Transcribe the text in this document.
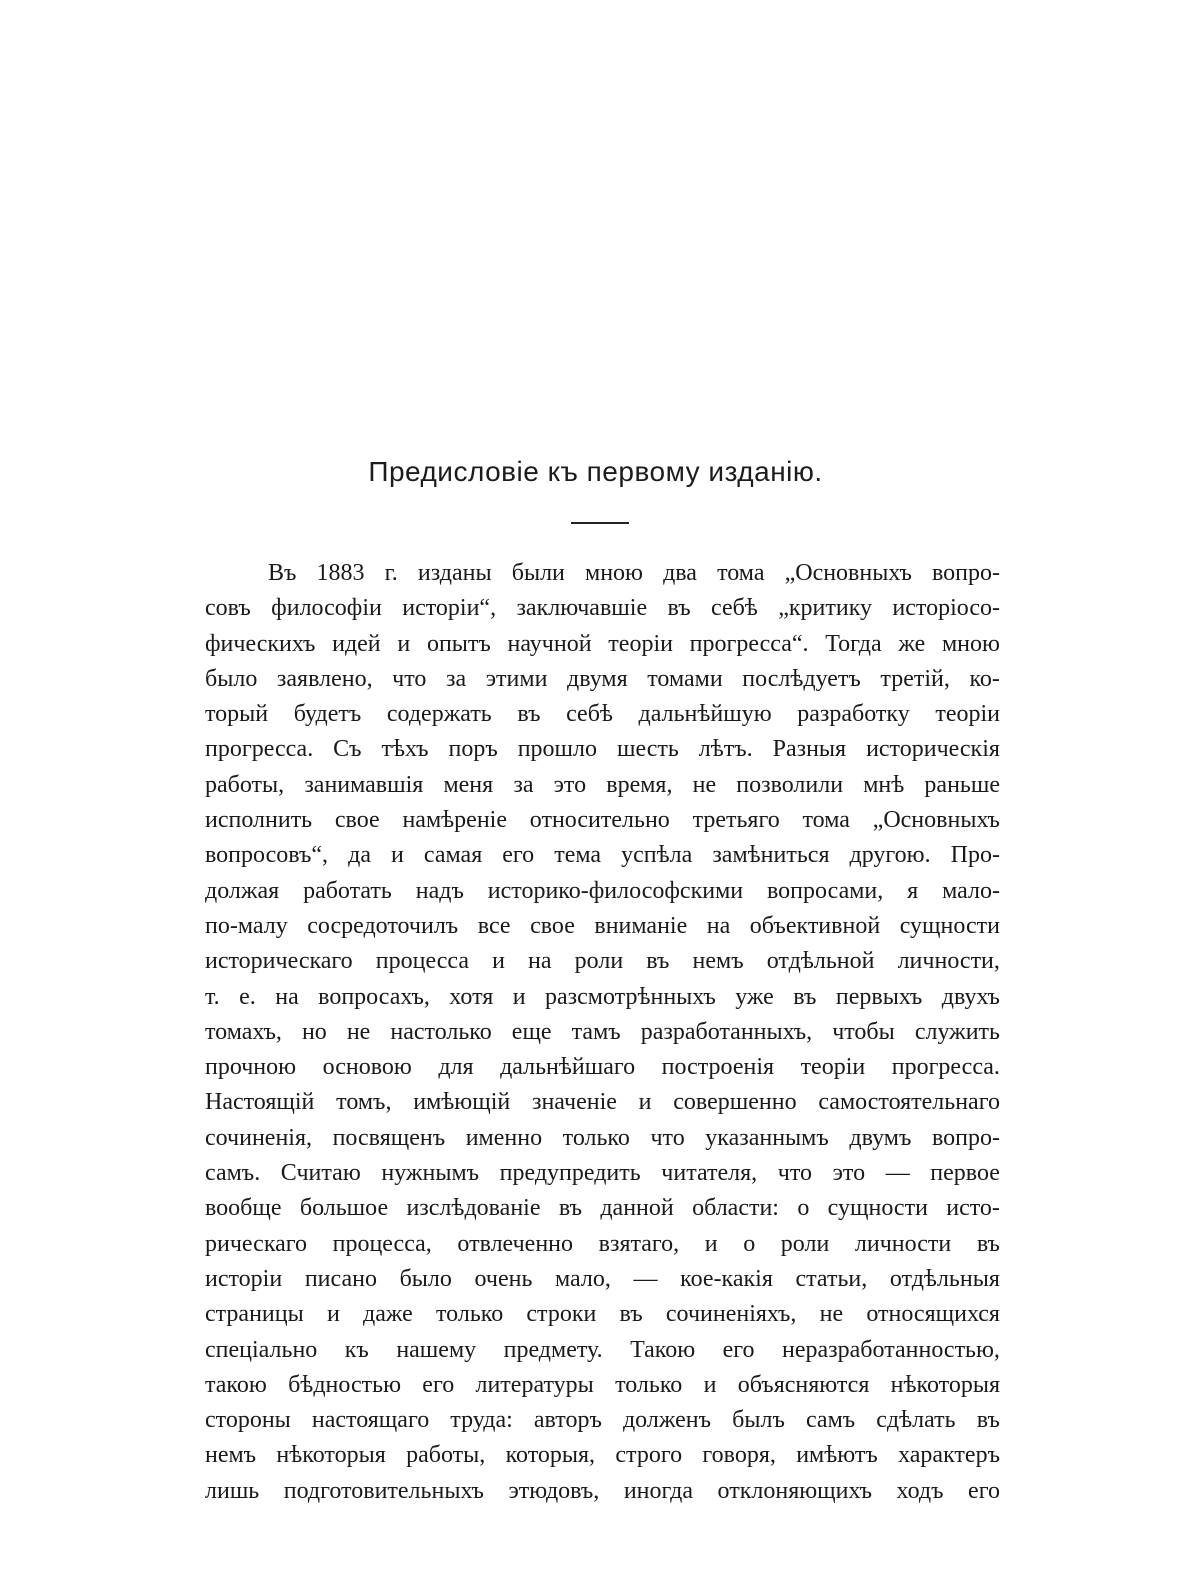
Предисловіе къ первому изданію.
Въ 1883 г. изданы были мною два тома „Основныхъ вопро-
совъ философіи исторіи“, заключавшіе въ себѣ „критику исторіосо-
фическихъ идей и опытъ научной теоріи прогресса“. Тогда же мною
было заявлено, что за этими двумя томами послѣдуетъ третій, ко-
торый будетъ содержать въ себѣ дальнѣйшую разработку теоріи
прогресса. Съ тѣхъ поръ прошло шесть лѣтъ. Разныя историческія
работы, занимавшія меня за это время, не позволили мнѣ раньше
исполнить свое намѣреніе относительно третьяго тома „Основныхъ
вопросовъ“, да и самая его тема успѣла замѣниться другою. Про-
должая работать надъ историко-философскими вопросами, я мало-
по-малу сосредоточилъ все свое вниманіе на объективной сущности
историческаго процесса и на роли въ немъ отдѣльной личности,
т. е. на вопросахъ, хотя и разсмотрѣнныхъ уже въ первыхъ двухъ
томахъ, но не настолько еще тамъ разработанныхъ, чтобы служить
прочною основою для дальнѣйшаго построенія теоріи прогресса.
Настоящій томъ, имѣющій значеніе и совершенно самостоятельнаго
сочиненія, посвященъ именно только что указаннымъ двумъ вопро-
самъ. Считаю нужнымъ предупредить читателя, что это — первое
вообще большое изслѣдованіе въ данной области: о сущности исто-
рическаго процесса, отвлеченно взятаго, и о роли личности въ
исторіи писано было очень мало, — кое-какія статьи, отдѣльныя
страницы и даже только строки въ сочиненіяхъ, не относящихся
спеціально къ нашему предмету. Такою его неразработанностью,
такою бѣдностью его литературы только и объясняются нѣкоторыя
стороны настоящаго труда: авторъ долженъ былъ самъ сдѣлать въ
немъ нѣкоторыя работы, которыя, строго говоря, имѣютъ характеръ
лишь подготовительныхъ этюдовъ, иногда отклоняющихъ ходъ его
